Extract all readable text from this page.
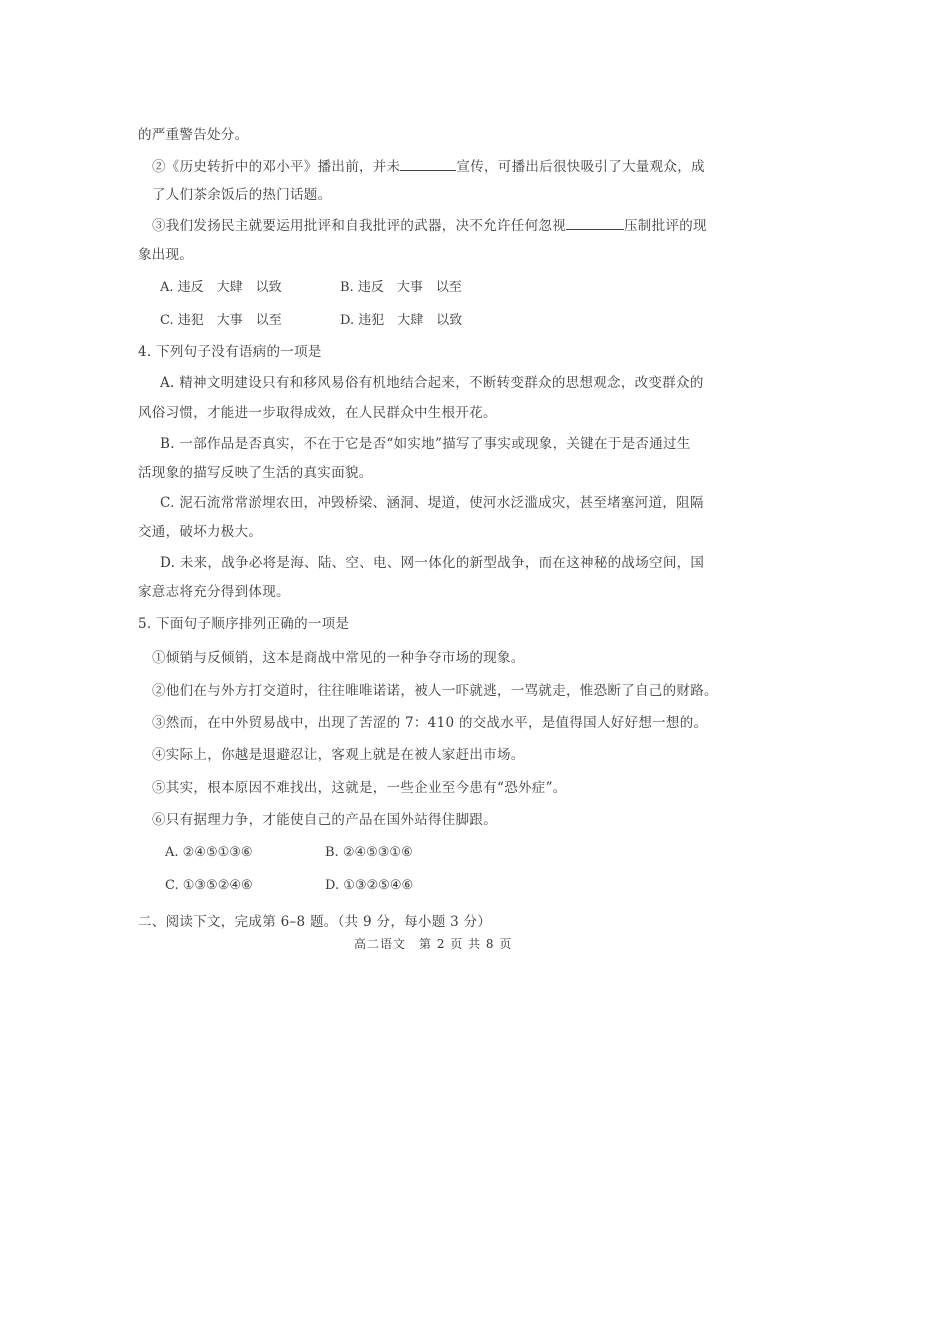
的严重警告处分。
②《历史转折中的邓小平》播出前，并未	宣传，可播出后很快吸引了大量观众，成
了人们茶余饭后的热门话题。
③我们发扬民主就要运用批评和自我批评的武器，决不允许任何忽视	压制批评的现
象出现。
A. 违反　大肆　以致	B. 违反　大事　以至
C. 违犯　大事　以至	D. 违犯　大肆　以致
4. 下列句子没有语病的一项是
A. 精神文明建设只有和移风易俗有机地结合起来，不断转变群众的思想观念，改变群众的
风俗习惯，才能进一步取得成效，在人民群众中生根开花。
B. 一部作品是否真实，不在于它是否“如实地”描写了事实或现象，关键在于是否通过生
活现象的描写反映了生活的真实面貌。
C. 泥石流常常淤埋农田，冲毁桥梁、涵洞、堤道，使河水泛滥成灾，甚至堵塞河道，阻隔
交通，破坏力极大。
D. 未来，战争必将是海、陆、空、电、网一体化的新型战争，而在这神秘的战场空间，国
家意志将充分得到体现。
5. 下面句子顺序排列正确的一项是
①倾销与反倾销，这本是商战中常见的一种争夺市场的现象。
②他们在与外方打交道时，往往唯唯诺诺，被人一吓就逃，一骂就走，惟恐断了自己的财路。
③然而，在中外贸易战中，出现了苦涩的 7：410 的交战水平，是值得国人好好想一想的。
④实际上，你越是退避忍让，客观上就是在被人家赶出市场。
⑤其实，根本原因不难找出，这就是，一些企业至今患有“恐外症”。
⑥只有据理力争，才能使自己的产品在国外站得住脚跟。
A. ②④⑤①③⑥	B. ②④⑤③①⑥
C. ①③⑤②④⑥	D. ①③②⑤④⑥
二、阅读下文，完成第 6–8 题。（共 9 分，每小题 3 分）
高二语文　第 2 页 共 8 页
